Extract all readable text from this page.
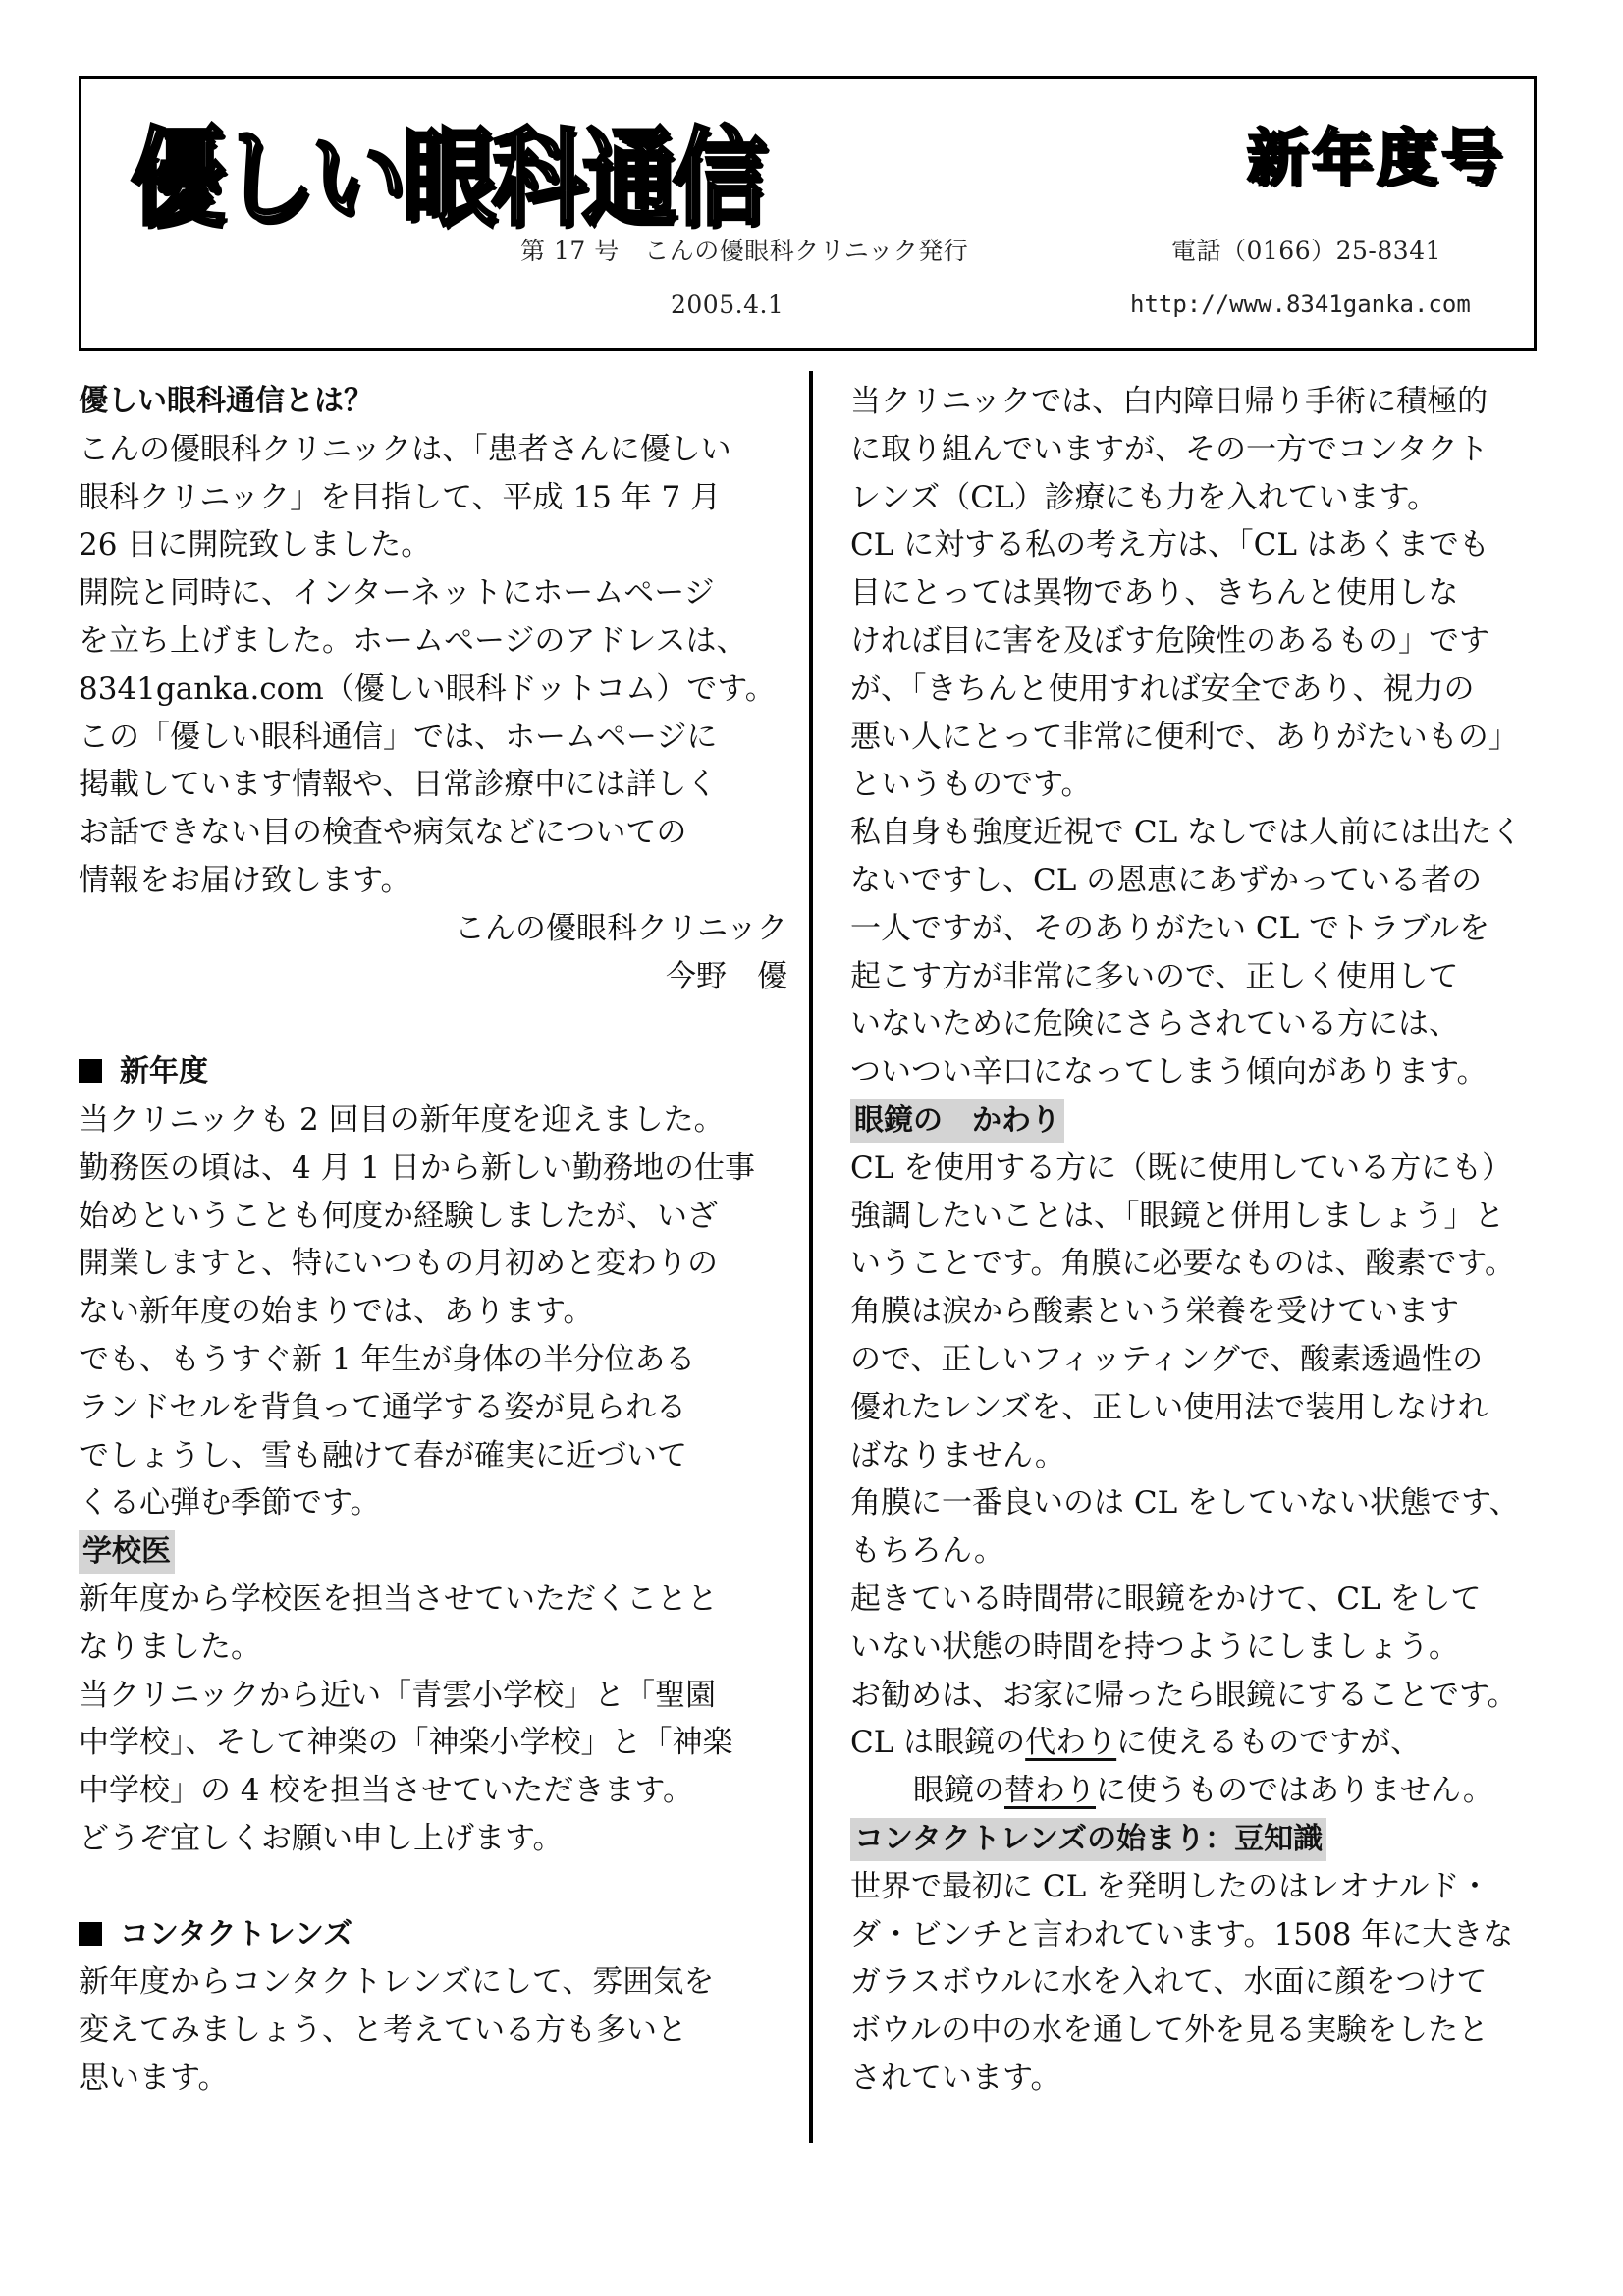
優しい眼科通信	新年度号
第 17 号　こんの優眼科クリニック発行	電話（0166）25-8341
2005.4.1	http://www.8341ganka.com
優しい眼科通信とは？
こんの優眼科クリニックは、「患者さんに優しい
眼科クリニック」を目指して、平成 15 年 7 月
26 日に開院致しました。
開院と同時に、インターネットにホームページ
を立ち上げました。ホームページのアドレスは、
8341ganka.com（優しい眼科ドットコム）です。
この「優しい眼科通信」では、ホームページに
掲載しています情報や、日常診療中には詳しく
お話できない目の検査や病気などについての
情報をお届け致します。
こんの優眼科クリニック
今野　優
新年度
当クリニックも 2 回目の新年度を迎えました。
勤務医の頃は、4 月 1 日から新しい勤務地の仕事
始めということも何度か経験しましたが、いざ
開業しますと、特にいつもの月初めと変わりの
ない新年度の始まりでは、あります。
でも、もうすぐ新 1 年生が身体の半分位ある
ランドセルを背負って通学する姿が見られる
でしょうし、雪も融けて春が確実に近づいて
くる心弾む季節です。
学校医
新年度から学校医を担当させていただくことと
なりました。
当クリニックから近い「青雲小学校」と「聖園
中学校」、そして神楽の「神楽小学校」と「神楽
中学校」の 4 校を担当させていただきます。
どうぞ宜しくお願い申し上げます。
コンタクトレンズ
新年度からコンタクトレンズにして、雰囲気を
変えてみましょう、と考えている方も多いと
思います。
当クリニックでは、白内障日帰り手術に積極的
に取り組んでいますが、その一方でコンタクト
レンズ（CL）診療にも力を入れています。
CL に対する私の考え方は、「CL はあくまでも
目にとっては異物であり、きちんと使用しな
ければ目に害を及ぼす危険性のあるもの」です
が、「きちんと使用すれば安全であり、視力の
悪い人にとって非常に便利で、ありがたいもの」
というものです。
私自身も強度近視で CL なしでは人前には出たく
ないですし、CL の恩恵にあずかっている者の
一人ですが、そのありがたい CL でトラブルを
起こす方が非常に多いので、正しく使用して
いないために危険にさらされている方には、
ついつい辛口になってしまう傾向があります。
眼鏡の　かわり
CL を使用する方に（既に使用している方にも）
強調したいことは、「眼鏡と併用しましょう」と
いうことです。角膜に必要なものは、酸素です。
角膜は涙から酸素という栄養を受けています
ので、正しいフィッティングで、酸素透過性の
優れたレンズを、正しい使用法で装用しなけれ
ばなりません。
角膜に一番良いのは CL をしていない状態です、
もちろん。
起きている時間帯に眼鏡をかけて、CL をして
いない状態の時間を持つようにしましょう。
お勧めは、お家に帰ったら眼鏡にすることです。
CL は眼鏡の代わりに使えるものですが、
眼鏡の替わりに使うものではありません。
コンタクトレンズの始まり：豆知識
世界で最初に CL を発明したのはレオナルド・
ダ・ビンチと言われています。1508 年に大きな
ガラスボウルに水を入れて、水面に顔をつけて
ボウルの中の水を通して外を見る実験をしたと
されています。
